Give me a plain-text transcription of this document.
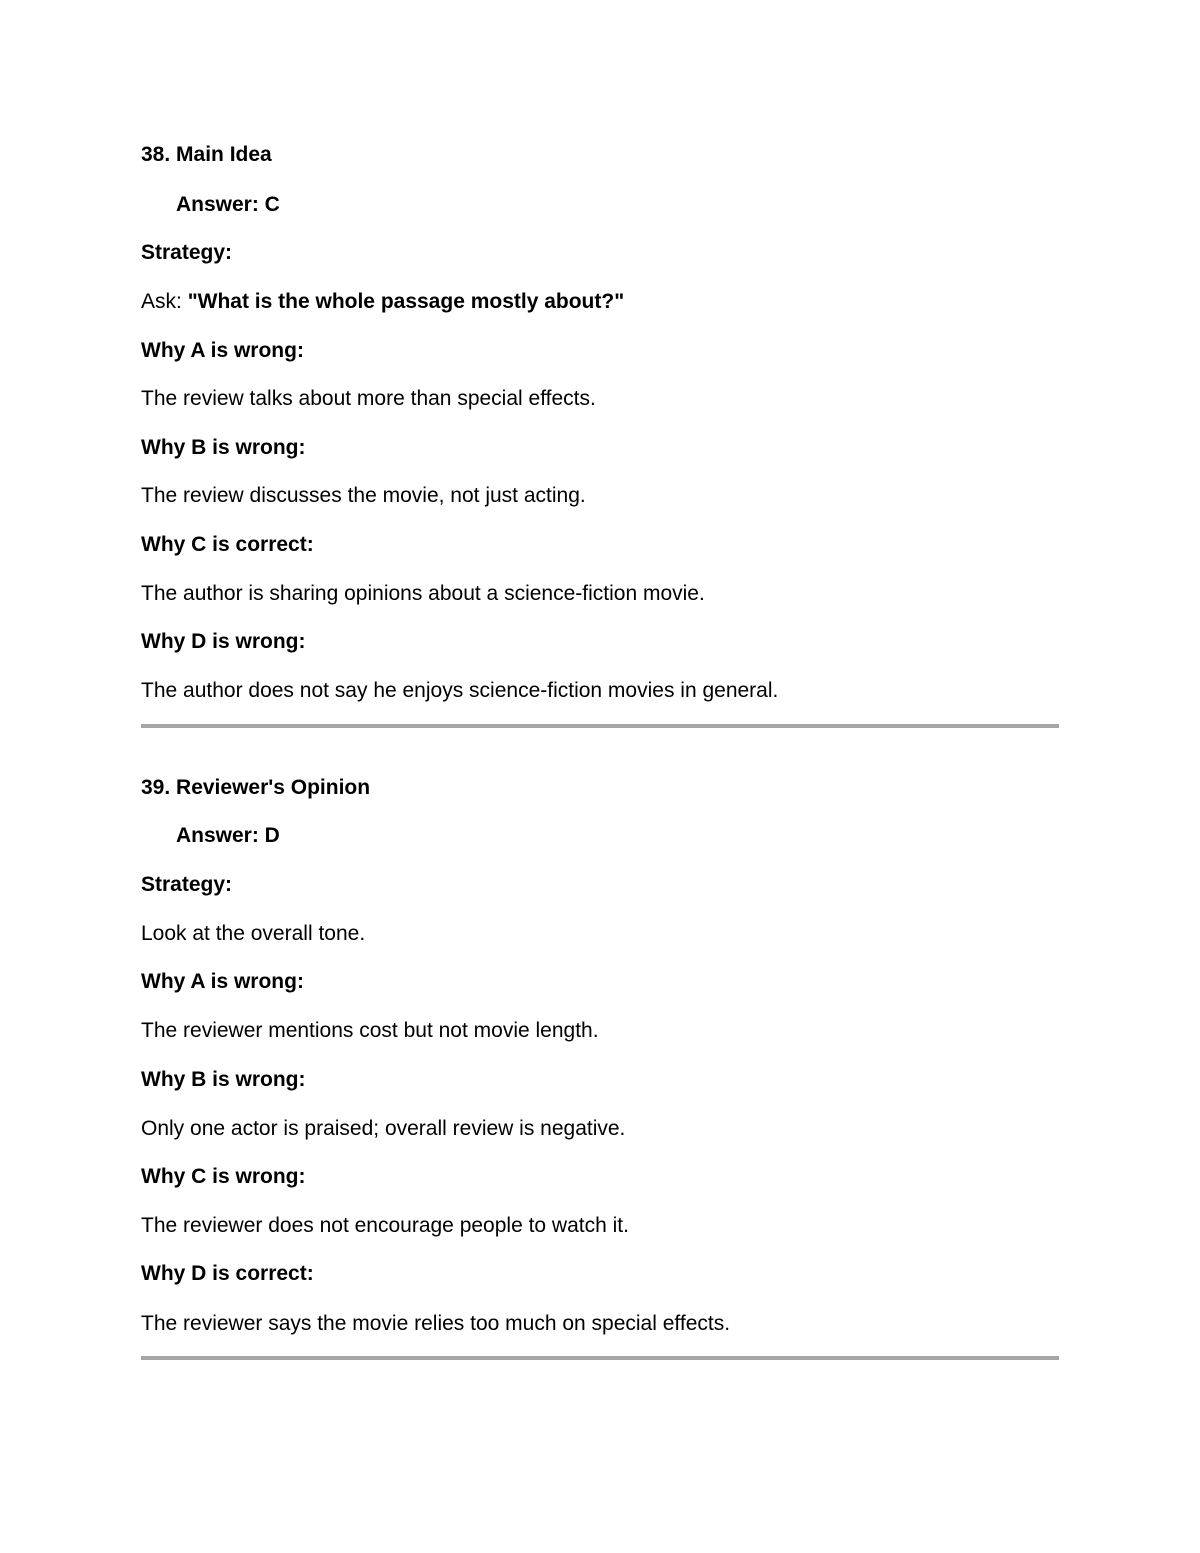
38. Main Idea
Answer: C
Strategy:
Ask: "What is the whole passage mostly about?"
Why A is wrong:
The review talks about more than special effects.
Why B is wrong:
The review discusses the movie, not just acting.
Why C is correct:
The author is sharing opinions about a science-fiction movie.
Why D is wrong:
The author does not say he enjoys science-fiction movies in general.
39. Reviewer's Opinion
Answer: D
Strategy:
Look at the overall tone.
Why A is wrong:
The reviewer mentions cost but not movie length.
Why B is wrong:
Only one actor is praised; overall review is negative.
Why C is wrong:
The reviewer does not encourage people to watch it.
Why D is correct:
The reviewer says the movie relies too much on special effects.
